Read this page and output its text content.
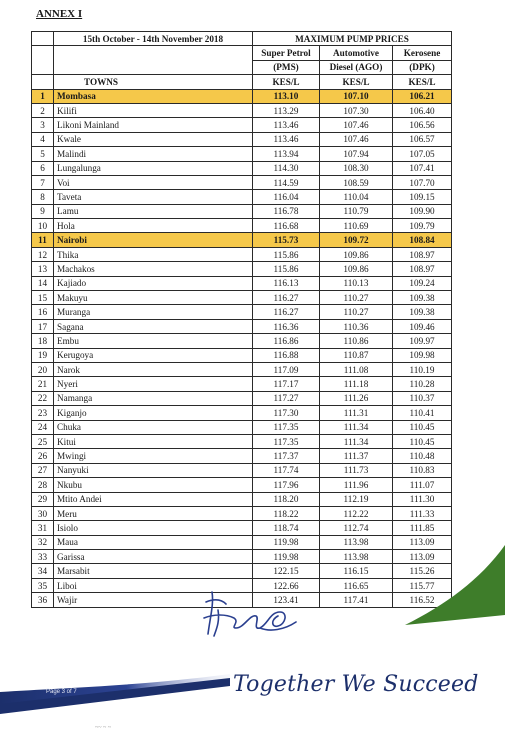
ANNEX I
	15th October - 14th November 2018	MAXIMUM PUMP PRICES		
		Super Petrol	Automotive	Kerosene
		(PMS)	Diesel (AGO)	(DPK)
	TOWNS	KES/L	KES/L	KES/L
1	Mombasa	113.10	107.10	106.21
2	Kilifi	113.29	107.30	106.40
3	Likoni Mainland	113.46	107.46	106.56
4	Kwale	113.46	107.46	106.57
5	Malindi	113.94	107.94	107.05
6	Lungalunga	114.30	108.30	107.41
7	Voi	114.59	108.59	107.70
8	Taveta	116.04	110.04	109.15
9	Lamu	116.78	110.79	109.90
10	Hola	116.68	110.69	109.79
11	Nairobi	115.73	109.72	108.84
12	Thika	115.86	109.86	108.97
13	Machakos	115.86	109.86	108.97
14	Kajiado	116.13	110.13	109.24
15	Makuyu	116.27	110.27	109.38
16	Muranga	116.27	110.27	109.38
17	Sagana	116.36	110.36	109.46
18	Embu	116.86	110.86	109.97
19	Kerugoya	116.88	110.87	109.98
20	Narok	117.09	111.08	110.19
21	Nyeri	117.17	111.18	110.28
22	Namanga	117.27	111.26	110.37
23	Kiganjo	117.30	111.31	110.41
24	Chuka	117.35	111.34	110.45
25	Kitui	117.35	111.34	110.45
26	Mwingi	117.37	111.37	110.48
27	Nanyuki	117.74	111.73	110.83
28	Nkubu	117.96	111.96	111.07
29	Mtito Andei	118.20	112.19	111.30
30	Meru	118.22	112.22	111.33
31	Isiolo	118.74	112.74	111.85
32	Maua	119.98	113.98	113.09
33	Garissa	119.98	113.98	113.09
34	Marsabit	122.15	116.15	115.26
35	Liboi	122.66	116.65	115.77
36	Wajir	123.41	117.41	116.52
Page 3 of 7	Together We Succeed
~~ ~ ~
